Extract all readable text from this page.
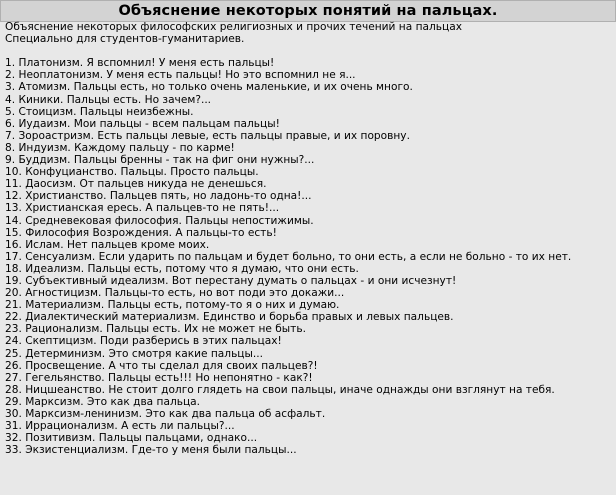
Объяснение некоторых понятий на пальцах.
Объяснение некоторых философских религиозных и прочих течений на пальцах
Специально для студентов-гуманитариев.
1. Платонизм. Я вспомнил! У меня есть пальцы!
2. Неоплатонизм. У меня есть пальцы! Но это вспомнил не я...
3. Атомизм. Пальцы есть, но только очень маленькие, и их очень много.
4. Киники. Пальцы есть. Но зачем?...
5. Стоицизм. Пальцы неизбежны.
6. Иудаизм. Мои пальцы - всем пальцам пальцы!
7. Зороастризм. Есть пальцы левые, есть пальцы правые, и их поровну.
8. Индуизм. Каждому пальцу - по карме!
9. Буддизм. Пальцы бренны - так на фиг они нужны?...
10. Конфуцианство. Пальцы. Просто пальцы.
11. Даосизм. От пальцев никуда не денешься.
12. Христианство. Пальцев пять, но ладонь-то одна!...
13. Христианская ересь. А пальцев-то не пять!...
14. Средневековая философия. Пальцы непостижимы.
15. Философия Возрождения. А пальцы-то есть!
16. Ислам. Нет пальцев кроме моих.
17. Сенсуализм. Если ударить по пальцам и будет больно, то они есть, а если не больно - то их нет.
18. Идеализм. Пальцы есть, потому что я думаю, что они есть.
19. Субъективный идеализм. Вот перестану думать о пальцах - и они исчезнут!
20. Агностицизм. Пальцы-то есть, но вот поди это докажи...
21. Материализм. Пальцы есть, потому-то я о них и думаю.
22. Диалектический материализм. Единство и борьба правых и левых пальцев.
23. Рационализм. Пальцы есть. Их не может не быть.
24. Скептицизм. Поди разберись в этих пальцах!
25. Детерминизм. Это смотря какие пальцы...
26. Просвещение. А что ты сделал для своих пальцев?!
27. Гегельянство. Пальцы есть!!! Но непонятно - как?!
28. Ницшеанство. Не стоит долго глядеть на свои пальцы, иначе однажды они взглянут на тебя.
29. Марксизм. Это как два пальца.
30. Марксизм-ленинизм. Это как два пальца об асфальт.
31. Иррационализм. А есть ли пальцы?...
32. Позитивизм. Пальцы пальцами, однако...
33. Экзистенциализм. Где-то у меня были пальцы...
